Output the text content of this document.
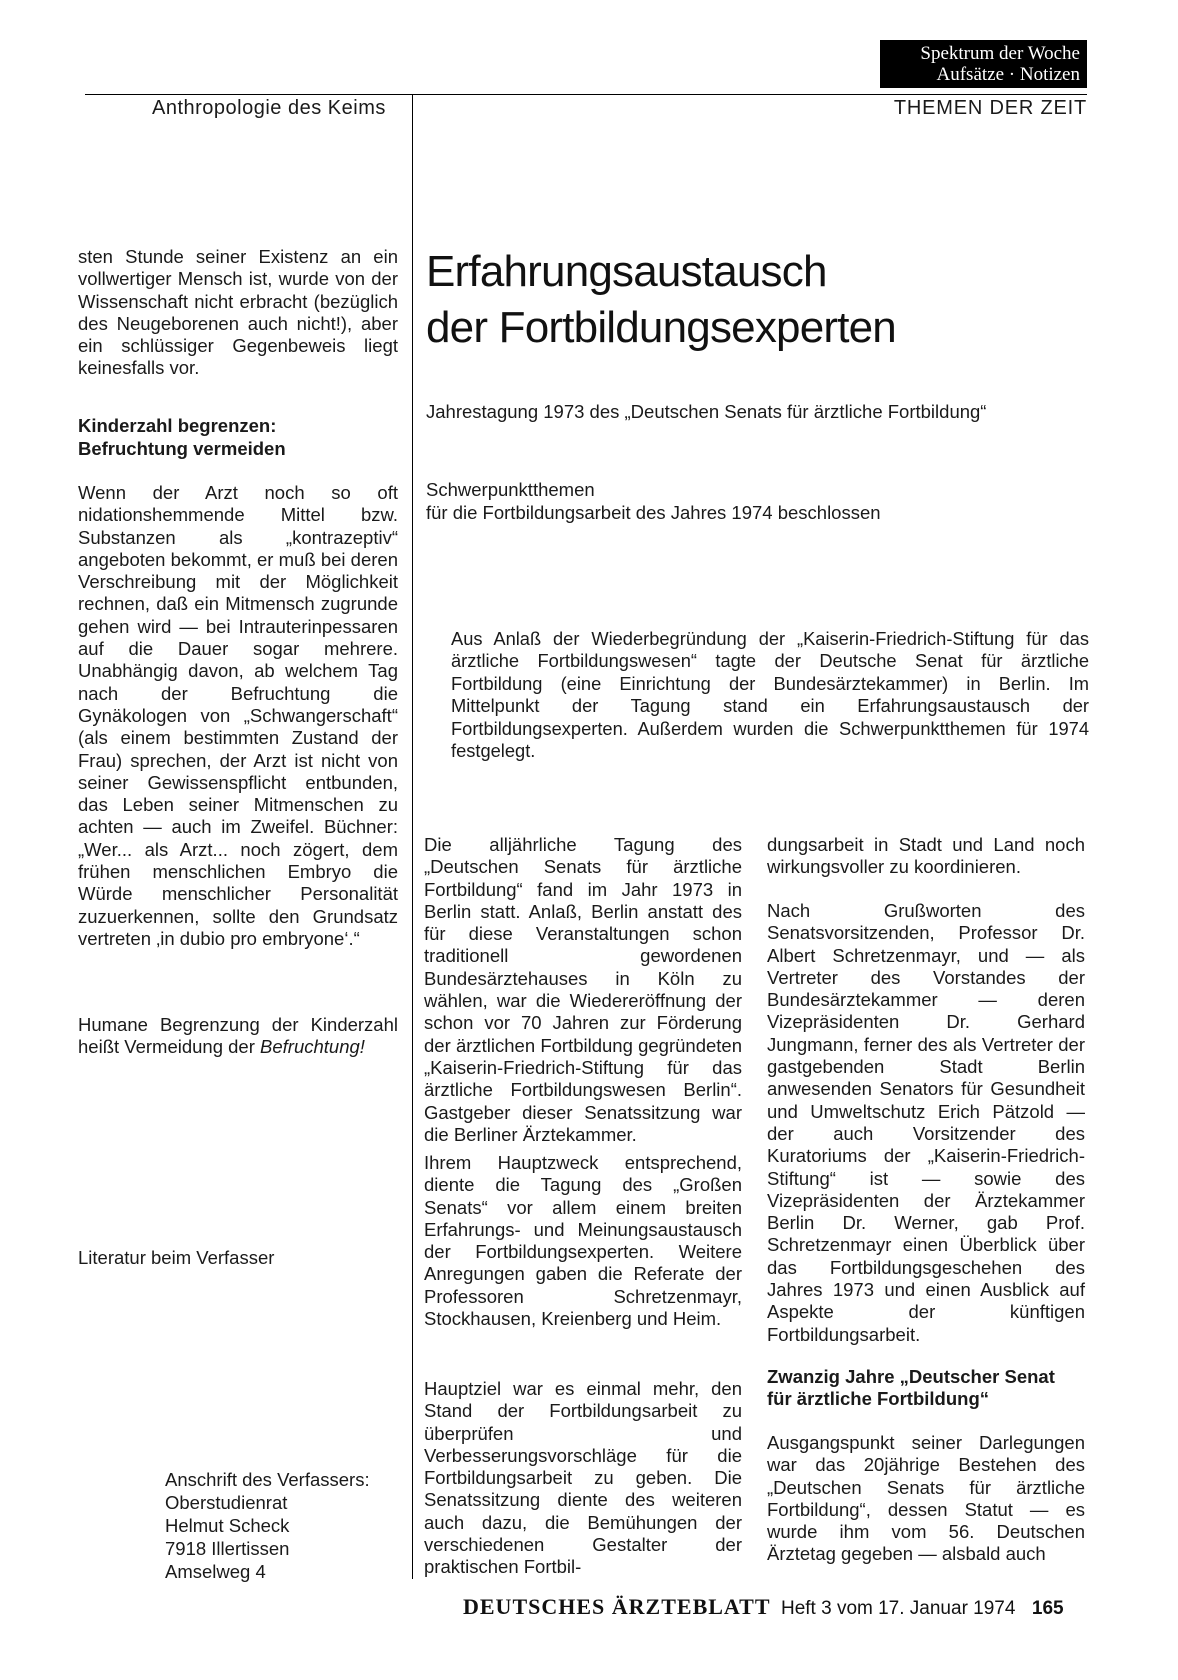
Spektrum der Woche
Aufsätze · Notizen
Anthropologie des Keims	THEMEN DER ZEIT

sten Stunde seiner Existenz an ein vollwertiger Mensch ist, wurde von der Wissenschaft nicht erbracht (bezüglich des Neugeborenen auch nicht!), aber ein schlüssiger Gegenbeweis liegt keinesfalls vor.

Kinderzahl begrenzen:
Befruchtung vermeiden

Wenn der Arzt noch so oft nidationshemmende Mittel bzw. Substanzen als „kontrazeptiv“ angeboten bekommt, er muß bei deren Verschreibung mit der Möglichkeit rechnen, daß ein Mitmensch zugrunde gehen wird — bei Intrauterinpessaren auf die Dauer sogar mehrere. Unabhängig davon, ab welchem Tag nach der Befruchtung die Gynäkologen von „Schwangerschaft“ (als einem bestimmten Zustand der Frau) sprechen, der Arzt ist nicht von seiner Gewissenspflicht entbunden, das Leben seiner Mitmenschen zu achten — auch im Zweifel. Büchner: „Wer... als Arzt... noch zögert, dem frühen menschlichen Embryo die Würde menschlicher Personalität zuzuerkennen, sollte den Grundsatz vertreten ‚in dubio pro embryone‘.“

Humane Begrenzung der Kinderzahl heißt Vermeidung der Befruchtung!

Literatur beim Verfasser
Anschrift des Verfassers:
Oberstudienrat
Helmut Scheck
7918 Illertissen
Amselweg 4
Erfahrungsaustausch
der Fortbildungsexperten
Jahrestagung 1973 des „Deutschen Senats für ärztliche Fortbildung“
Schwerpunktthemen
für die Fortbildungsarbeit des Jahres 1974 beschlossen
Aus Anlaß der Wiederbegründung der „Kaiserin-Friedrich-Stiftung für das ärztliche Fortbildungswesen“ tagte der Deutsche Senat für ärztliche Fortbildung (eine Einrichtung der Bundesärztekammer) in Berlin. Im Mittelpunkt der Tagung stand ein Erfahrungsaustausch der Fortbildungsexperten. Außerdem wurden die Schwerpunktthemen für 1974 festgelegt.

Die alljährliche Tagung des „Deutschen Senats für ärztliche Fortbildung“ fand im Jahr 1973 in Berlin statt. Anlaß, Berlin anstatt des für diese Veranstaltungen schon traditionell gewordenen Bundesärztehauses in Köln zu wählen, war die Wiedereröffnung der schon vor 70 Jahren zur Förderung der ärztlichen Fortbildung gegründeten „Kaiserin-Friedrich-Stiftung für das ärztliche Fortbildungswesen Berlin“. Gastgeber dieser Senatssitzung war die Berliner Ärztekammer.

Ihrem Hauptzweck entsprechend, diente die Tagung des „Großen Senats“ vor allem einem breiten Erfahrungs- und Meinungsaustausch der Fortbildungsexperten. Weitere Anregungen gaben die Referate der Professoren Schretzenmayr, Stockhausen, Kreienberg und Heim.

Hauptziel war es einmal mehr, den Stand der Fortbildungsarbeit zu überprüfen und Verbesserungsvorschläge für die Fortbildungsarbeit zu geben. Die Senatssitzung diente des weiteren auch dazu, die Bemühungen der verschiedenen Gestalter der praktischen Fortbil-

dungsarbeit in Stadt und Land noch wirkungsvoller zu koordinieren.

Nach Grußworten des Senatsvorsitzenden, Professor Dr. Albert Schretzenmayr, und — als Vertreter des Vorstandes der Bundesärztekammer — deren Vizepräsidenten Dr. Gerhard Jungmann, ferner des als Vertreter der gastgebenden Stadt Berlin anwesenden Senators für Gesundheit und Umweltschutz Erich Pätzold — der auch Vorsitzender des Kuratoriums der „Kaiserin-Friedrich-Stiftung“ ist — sowie des Vizepräsidenten der Ärztekammer Berlin Dr. Werner, gab Prof. Schretzenmayr einen Überblick über das Fortbildungsgeschehen des Jahres 1973 und einen Ausblick auf Aspekte der künftigen Fortbildungsarbeit.

Zwanzig Jahre „Deutscher Senat
für ärztliche Fortbildung“

Ausgangspunkt seiner Darlegungen war das 20jährige Bestehen des „Deutschen Senats für ärztliche Fortbildung“, dessen Statut — es wurde ihm vom 56. Deutschen Ärztetag gegeben — alsbald auch

DEUTSCHES ÄRZTEBLATT Heft 3 vom 17. Januar 1974 165
